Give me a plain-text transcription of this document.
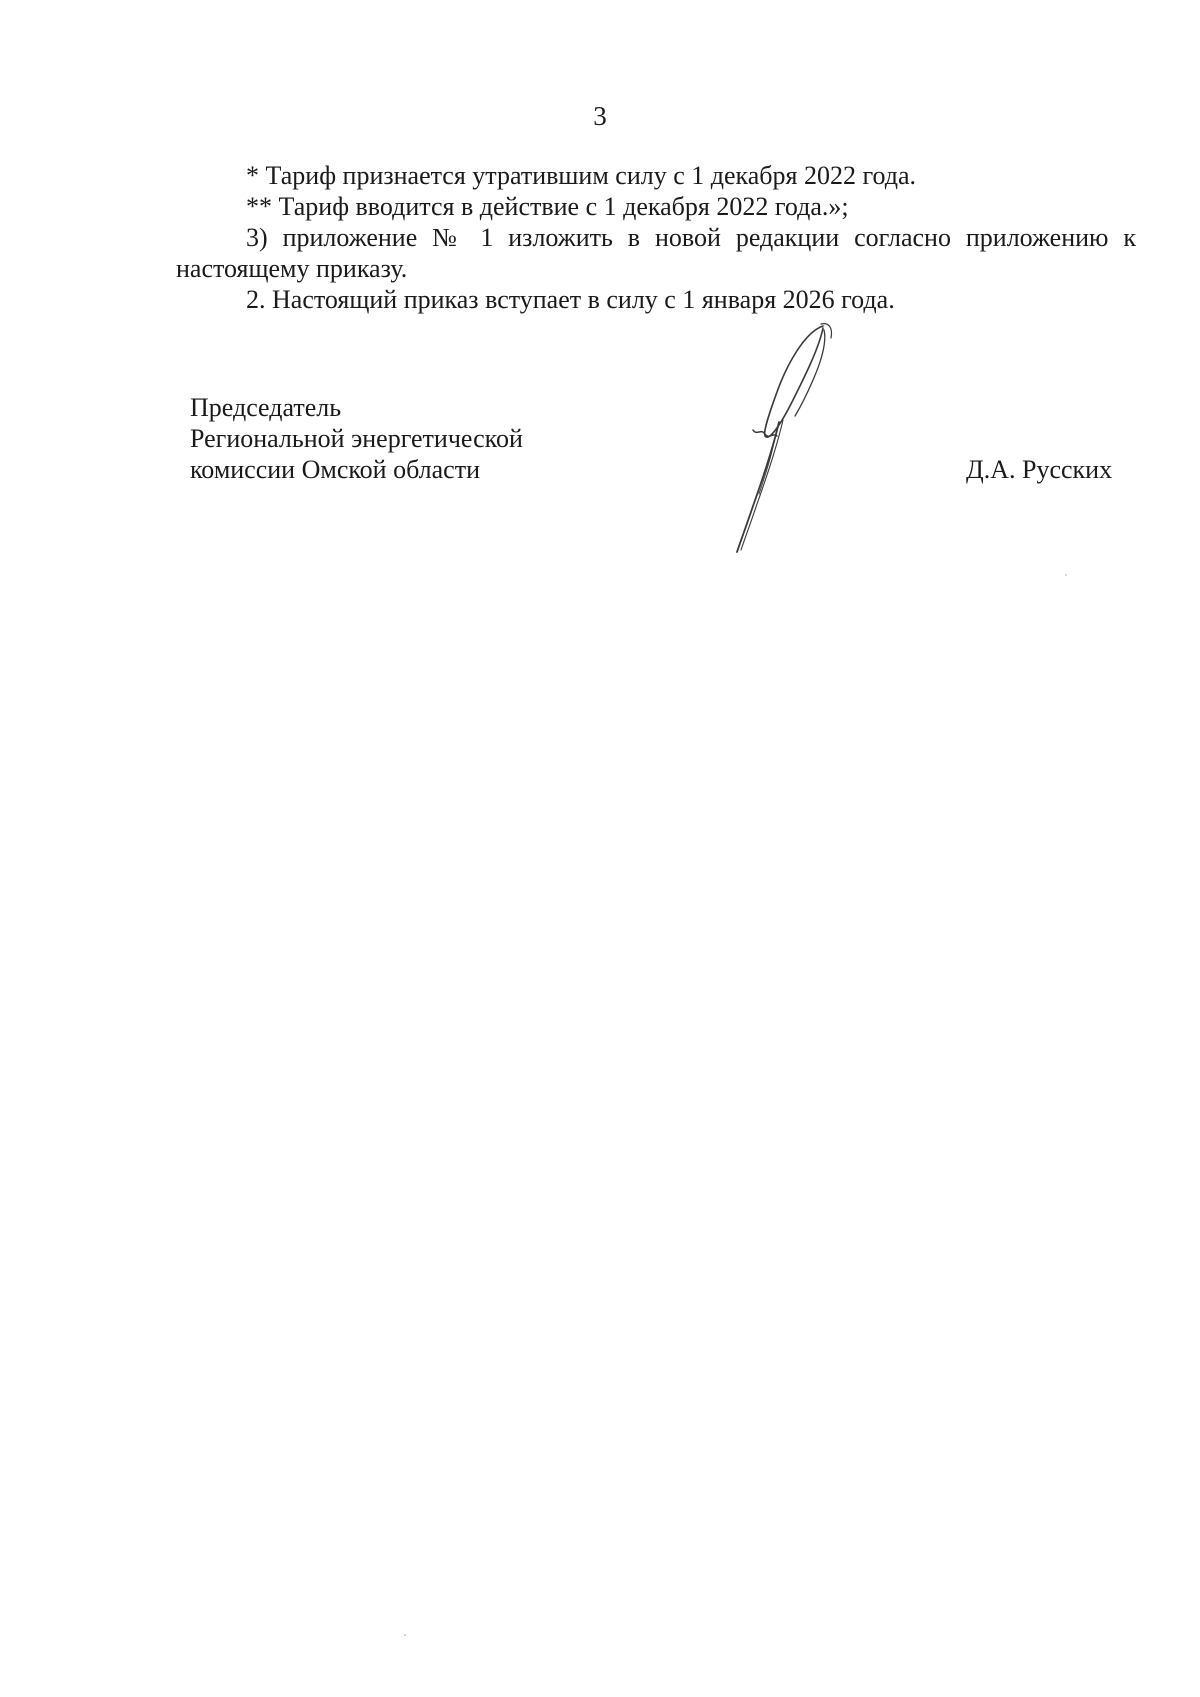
3

* Тариф признается утратившим силу с 1 декабря 2022 года.

** Тариф вводится в действие с 1 декабря 2022 года.»;

3) приложение № 1 изложить в новой редакции согласно приложению к настоящему приказу.

2. Настоящий приказ вступает в силу с 1 января 2026 года.

Председатель
Региональной энергетической
комиссии Омской области	Д.А. Русских
